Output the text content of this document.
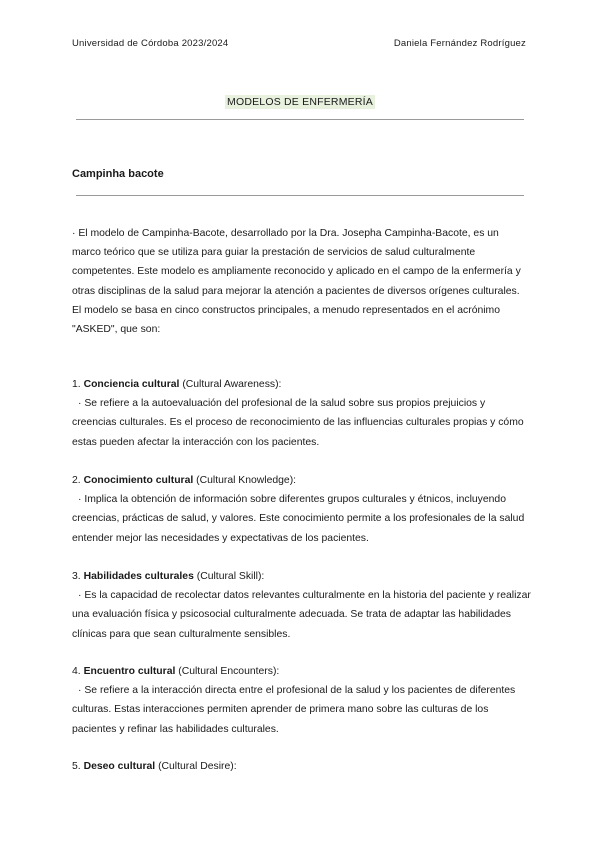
Universidad de Córdoba 2023/2024	Daniela Fernández Rodríguez
MODELOS DE ENFERMERÍA
Campinha bacote

· El modelo de Campinha-Bacote, desarrollado por la Dra. Josepha Campinha-Bacote, es un marco teórico que se utiliza para guiar la prestación de servicios de salud culturalmente competentes. Este modelo es ampliamente reconocido y aplicado en el campo de la enfermería y otras disciplinas de la salud para mejorar la atención a pacientes de diversos orígenes culturales. El modelo se basa en cinco constructos principales, a menudo representados en el acrónimo "ASKED", que son:

1. Conciencia cultural (Cultural Awareness):

· Se refiere a la autoevaluación del profesional de la salud sobre sus propios prejuicios y creencias culturales. Es el proceso de reconocimiento de las influencias culturales propias y cómo estas pueden afectar la interacción con los pacientes.

2. Conocimiento cultural (Cultural Knowledge):

· Implica la obtención de información sobre diferentes grupos culturales y étnicos, incluyendo creencias, prácticas de salud, y valores. Este conocimiento permite a los profesionales de la salud entender mejor las necesidades y expectativas de los pacientes.

3. Habilidades culturales (Cultural Skill):

· Es la capacidad de recolectar datos relevantes culturalmente en la historia del paciente y realizar una evaluación física y psicosocial culturalmente adecuada. Se trata de adaptar las habilidades clínicas para que sean culturalmente sensibles.

4. Encuentro cultural (Cultural Encounters):

· Se refiere a la interacción directa entre el profesional de la salud y los pacientes de diferentes culturas. Estas interacciones permiten aprender de primera mano sobre las culturas de los pacientes y refinar las habilidades culturales.

5. Deseo cultural (Cultural Desire):
